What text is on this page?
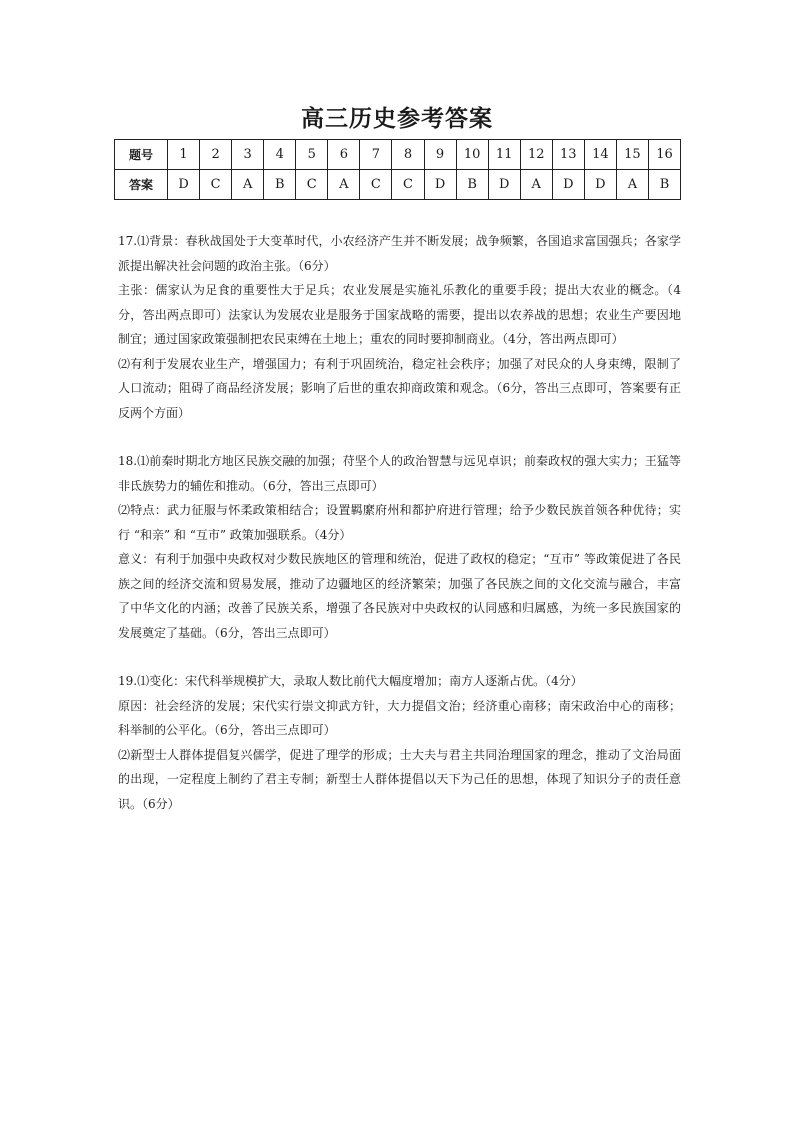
高三历史参考答案
题号	1	2	3	4	5	6	7	8	9	10	11	12	13	14	15	16
答案	D	C	A	B	C	A	C	C	D	B	D	A	D	D	A	B

17.⑴背景：春秋战国处于大变革时代，小农经济产生并不断发展；战争频繁，各国追求富国强兵；各家学派提出解决社会问题的政治主张。（6分）

主张：儒家认为足食的重要性大于足兵；农业发展是实施礼乐教化的重要手段；提出大农业的概念。（4分，答出两点即可）法家认为发展农业是服务于国家战略的需要，提出以农养战的思想；农业生产要因地制宜；通过国家政策强制把农民束缚在土地上；重农的同时要抑制商业。（4分，答出两点即可）

⑵有利于发展农业生产，增强国力；有利于巩固统治，稳定社会秩序；加强了对民众的人身束缚，限制了人口流动；阻碍了商品经济发展；影响了后世的重农抑商政策和观念。（6分，答出三点即可，答案要有正反两个方面）

18.⑴前秦时期北方地区民族交融的加强；苻坚个人的政治智慧与远见卓识；前秦政权的强大实力；王猛等非氐族势力的辅佐和推动。（6分，答出三点即可）

⑵特点：武力征服与怀柔政策相结合；设置羁縻府州和都护府进行管理；给予少数民族首领各种优待；实行 “和亲” 和 “互市” 政策加强联系。（4分）

意义：有利于加强中央政权对少数民族地区的管理和统治，促进了政权的稳定；“互市” 等政策促进了各民族之间的经济交流和贸易发展，推动了边疆地区的经济繁荣；加强了各民族之间的文化交流与融合，丰富了中华文化的内涵；改善了民族关系，增强了各民族对中央政权的认同感和归属感，为统一多民族国家的发展奠定了基础。（6分，答出三点即可）

19.⑴变化：宋代科举规模扩大，录取人数比前代大幅度增加；南方人逐渐占优。（4分）

原因：社会经济的发展；宋代实行崇文抑武方针，大力提倡文治；经济重心南移；南宋政治中心的南移；科举制的公平化。（6分，答出三点即可）

⑵新型士人群体提倡复兴儒学，促进了理学的形成；士大夫与君主共同治理国家的理念，推动了文治局面的出现，一定程度上制约了君主专制；新型士人群体提倡以天下为己任的思想，体现了知识分子的责任意识。（6分）
